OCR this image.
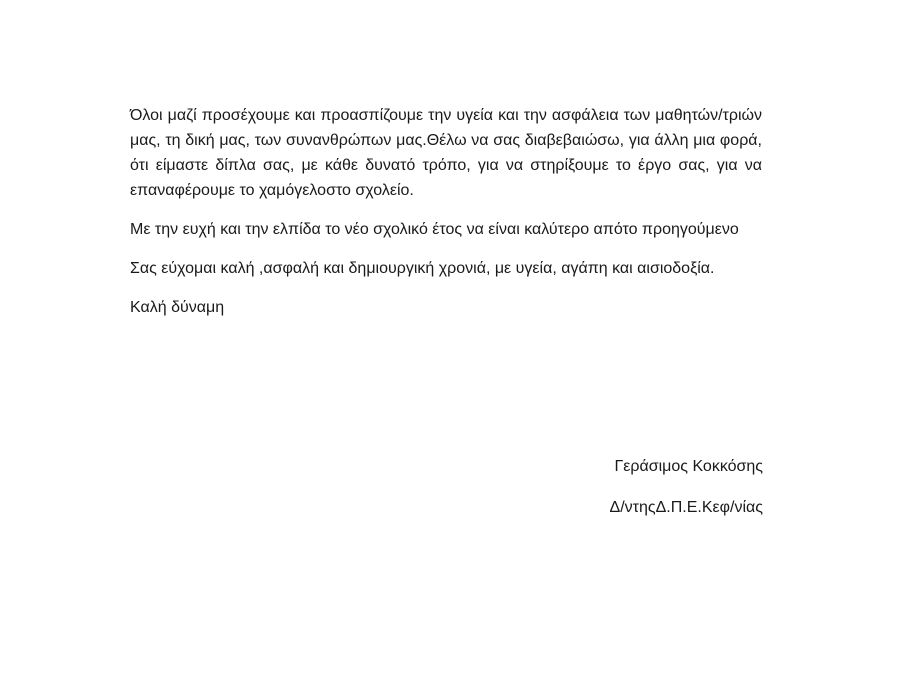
Όλοι μαζί προσέχουμε και προασπίζουμε την υγεία και την ασφάλεια των μαθητών/τριών μας, τη δική μας, των συνανθρώπων μας.Θέλω να σας διαβεβαιώσω, για άλλη μια φορά, ότι είμαστε δίπλα σας, με κάθε δυνατό τρόπο, για να στηρίξουμε το έργο σας, για να επαναφέρουμε το χαμόγελοστο σχολείο.

Με την ευχή και την ελπίδα το νέο σχολικό έτος να είναι καλύτερο απότο προηγούμενο

Σας εύχομαι καλή ,ασφαλή και δημιουργική χρονιά, με υγεία, αγάπη και αισιοδοξία.

Καλή δύναμη

Γεράσιμος Κοκκόσης

Δ/ντηςΔ.Π.Ε.Κεφ/νίας
